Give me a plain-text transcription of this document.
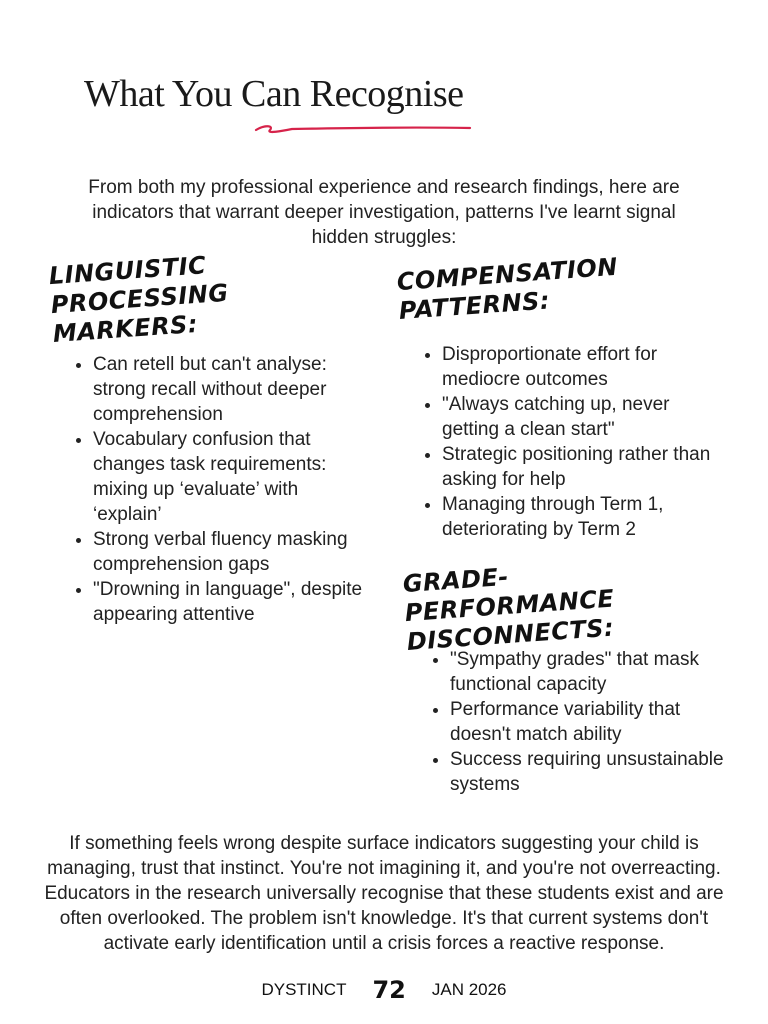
What You Can Recognise

From both my professional experience and research findings, here are indicators that warrant deeper investigation, patterns I've learnt signal hidden struggles:

LINGUISTIC PROCESSING MARKERS:
• Can retell but can't analyse: strong recall without deeper comprehension
• Vocabulary confusion that changes task requirements: mixing up ‘evaluate’ with ‘explain’
• Strong verbal fluency masking comprehension gaps
• "Drowning in language", despite appearing attentive
COMPENSATION PATTERNS:
• Disproportionate effort for mediocre outcomes
• "Always catching up, never getting a clean start"
• Strategic positioning rather than asking for help
• Managing through Term 1, deteriorating by Term 2
GRADE-PERFORMANCE DISCONNECTS:
• "Sympathy grades" that mask functional capacity
• Performance variability that doesn't match ability
• Success requiring unsustainable systems

If something feels wrong despite surface indicators suggesting your child is managing, trust that instinct. You're not imagining it, and you're not overreacting. Educators in the research universally recognise that these students exist and are often overlooked. The problem isn't knowledge. It's that current systems don't activate early identification until a crisis forces a reactive response.

DYSTINCT 72 JAN 2026
